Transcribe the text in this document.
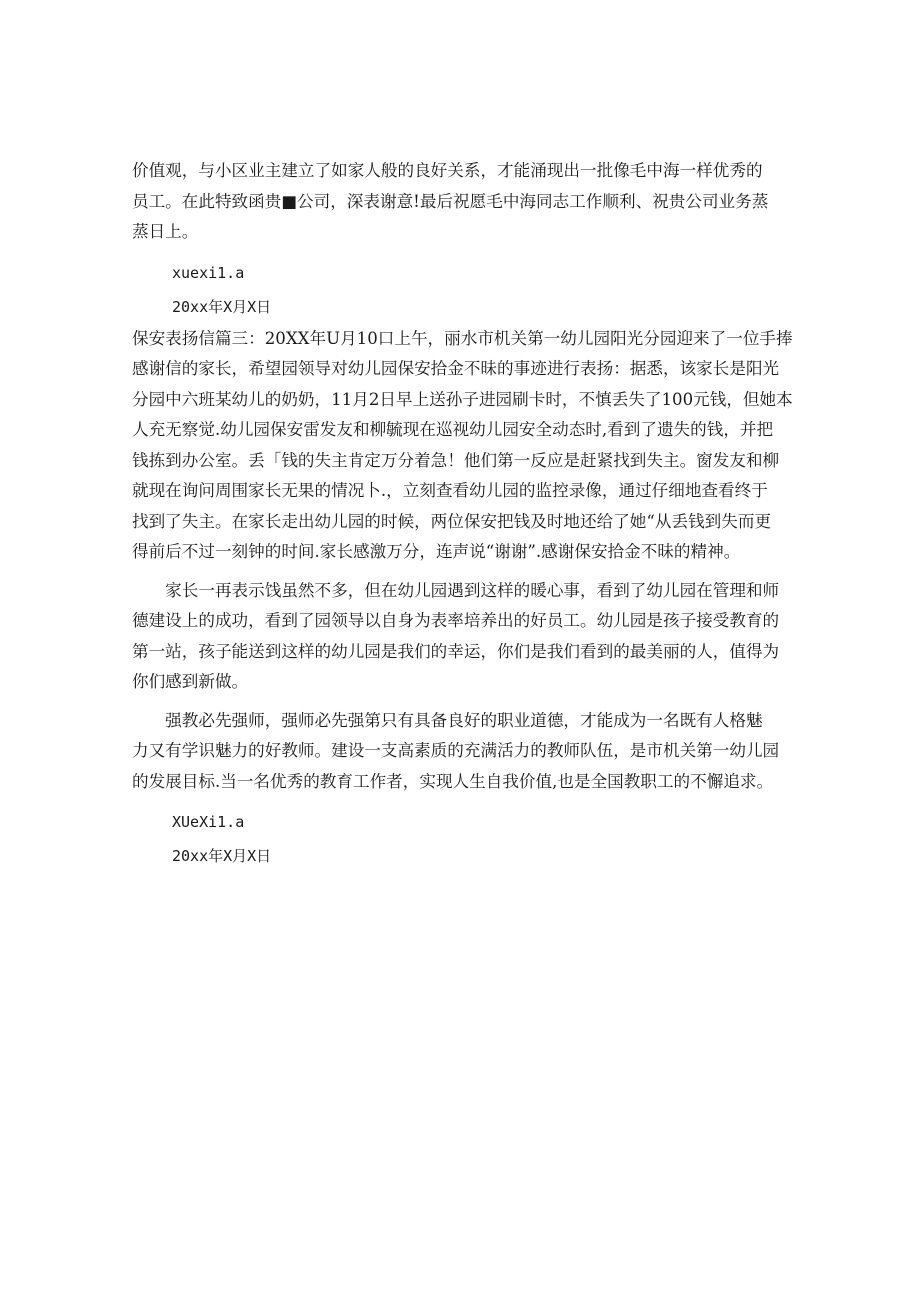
价值观，与小区业主建立了如家人般的良好关系，才能涌现出一批像毛中海一样优秀的

员工。在此特致函贵■公司，深表谢意!最后祝愿毛中海同志工作顺利、祝贵公司业务蒸

蒸日上。

xuexi1.a

20xx年X月X日

保安表扬信篇三：20XX年U月10口上午，丽水市机关第一幼儿园阳光分园迎来了一位手捧

感谢信的家长，希望园领导对幼儿园保安拾金不昧的事迹进行表扬：据悉，该家长是阳光

分园中六班某幼儿的奶奶，11月2日早上送孙子进园刷卡时，不慎丢失了100元钱，但她本

人充无察觉.幼儿园保安雷发友和柳毓现在巡视幼儿园安全动态时,看到了遗失的钱，并把

钱拣到办公室。丢「钱的失主肯定万分着急！他们第一反应是赶紧找到失主。窗发友和柳

就现在询问周围家长无果的情况卜.，立刻查看幼儿园的监控录像，通过仔细地查看终于

找到了失主。在家长走出幼儿园的时候，两位保安把钱及时地还给了她“从丢钱到失而更

得前后不过一刻钟的时间.家长感激万分，连声说“谢谢”.感谢保安拾金不昧的精神。

　　家长一再表示饯虽然不多，但在幼儿园遇到这样的暖心事，看到了幼儿园在管理和师

德建设上的成功，看到了园领导以自身为表率培养出的好员工。幼儿园是孩子接受教育的

第一站，孩子能送到这样的幼儿园是我们的幸运，你们是我们看到的最美丽的人，值得为

你们感到新做。

　　强教必先强师，强师必先强第只有具备良好的职业道德，才能成为一名既有人格魅

力又有学识魅力的好教师。建设一支高素质的充满活力的教师队伍，是市机关第一幼儿园

的发展目标.当一名优秀的教育工作者，实现人生自我价值,也是全国教职工的不懈追求。

XUeXi1.a

20xx年X月X日
